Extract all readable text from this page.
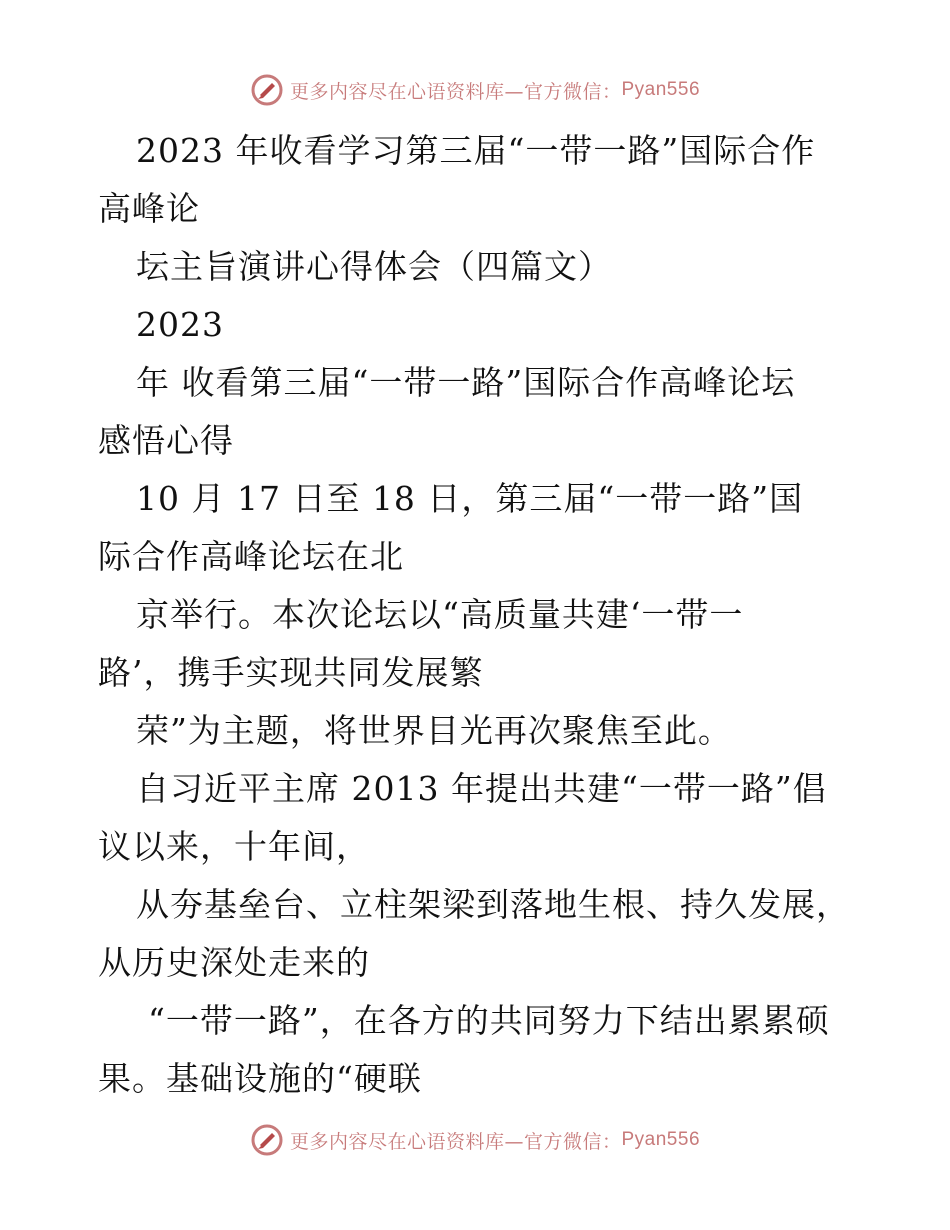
更多内容尽在心语资料库—官方微信： Pyan556
2023 年收看学习第三届“一带一路”国际合作
高峰论
坛主旨演讲心得体会（四篇文）
2023
年 收看第三届“一带一路”国际合作高峰论坛
感悟心得
10 月 17 日至 18 日，第三届“一带一路”国
际合作高峰论坛在北
京举行。本次论坛以“高质量共建‘一带一
路’，携手实现共同发展繁
荣”为主题，将世界目光再次聚焦至此。
自习近平主席 2013 年提出共建“一带一路”倡
议以来，十年间，
从夯基垒台、立柱架梁到落地生根、持久发展，
从历史深处走来的
“一带一路”，在各方的共同努力下结出累累硕
果。基础设施的“硬联
更多内容尽在心语资料库—官方微信： Pyan556
